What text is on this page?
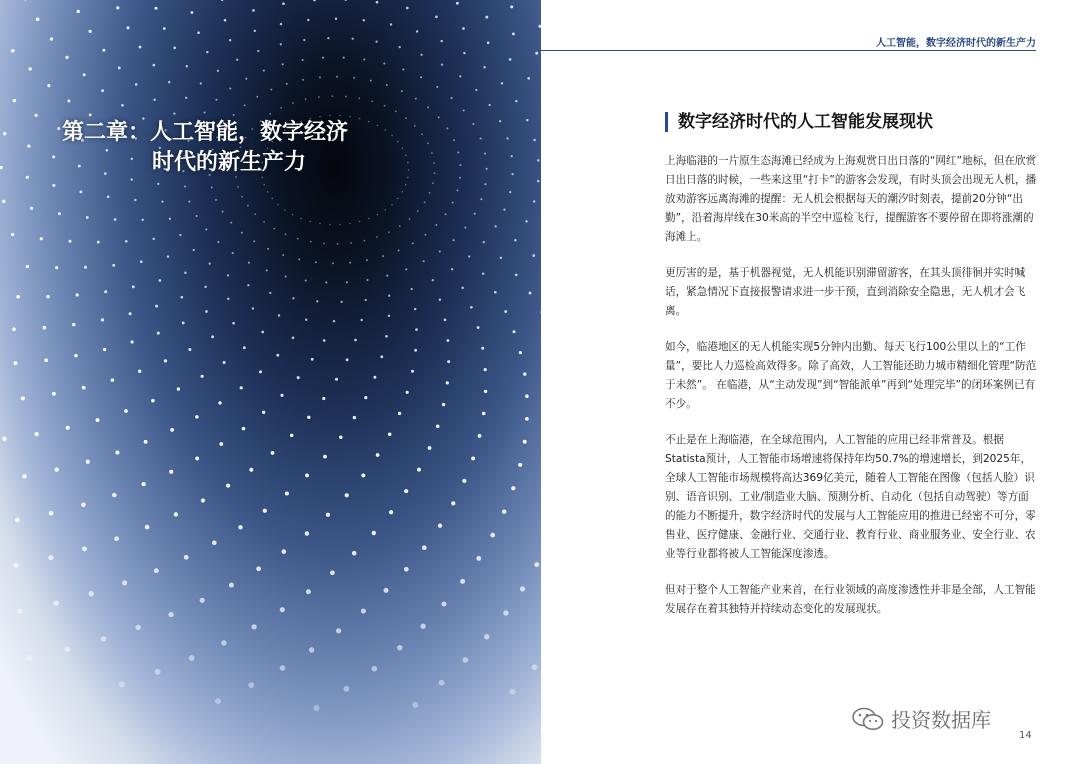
第二章：人工智能，数字经济
时代的新生产力
人工智能，数字经济时代的新生产力
数字经济时代的人工智能发展现状

上海临港的一片原生态海滩已经成为上海观赏日出日落的“网红”地标，但在欣赏日出日落的时候，一些来这里“打卡”的游客会发现，有时头顶会出现无人机，播放劝游客远离海滩的提醒：无人机会根据每天的潮汐时刻表，提前20分钟“出勤”，沿着海岸线在30米高的半空中巡检飞行，提醒游客不要停留在即将涨潮的海滩上。

更厉害的是，基于机器视觉，无人机能识别滞留游客，在其头顶徘徊并实时喊话，紧急情况下直接报警请求进一步干预，直到消除安全隐患，无人机才会飞离。

如今，临港地区的无人机能实现5分钟内出勤、每天飞行100公里以上的“工作量”，要比人力巡检高效得多。除了高效，人工智能还助力城市精细化管理“防范于未然”。 在临港，从“主动发现”到“智能派单”再到“处理完毕”的闭环案例已有不少。

不止是在上海临港，在全球范围内，人工智能的应用已经非常普及。根据Statista预计，人工智能市场增速将保持年均50.7%的增速增长，到2025年，全球人工智能市场规模将高达369亿美元，随着人工智能在图像（包括人脸）识别、语音识别、工业/制造业大脑、预测分析、自动化（包括自动驾驶）等方面的能力不断提升，数字经济时代的发展与人工智能应用的推进已经密不可分，零售业、医疗健康、金融行业、交通行业、教育行业、商业服务业、安全行业、农业等行业都将被人工智能深度渗透。

但对于整个人工智能产业来首，在行业领域的高度渗透性并非是全部，人工智能发展存在着其独特并持续动态变化的发展现状。

投资数据库
14
